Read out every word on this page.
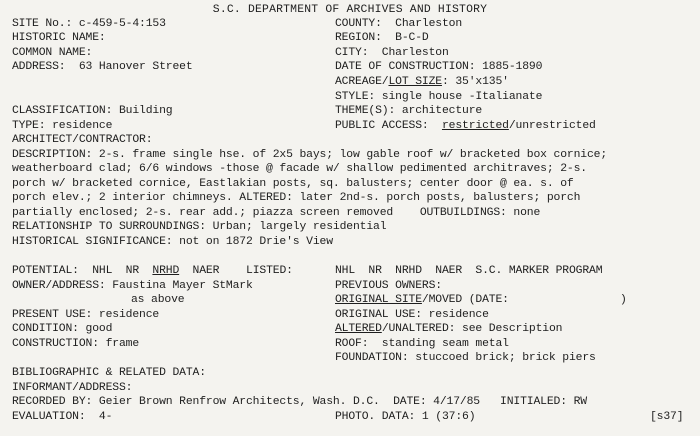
S.C. DEPARTMENT OF ARCHIVES AND HISTORY
SITE No.: c-459-5-4:153
HISTORIC NAME:
COMMON NAME:
ADDRESS:  63 Hanover Street
CLASSIFICATION: Building
TYPE: residence
ARCHITECT/CONTRACTOR:
COUNTY:  Charleston
REGION:  B-C-D
CITY:  Charleston
DATE OF CONSTRUCTION: 1885-1890
ACREAGE/LOT SIZE: 35'x135'
STYLE: single house -Italianate
THEME(S): architecture
PUBLIC ACCESS:  restricted/unrestricted
DESCRIPTION: 2-s. frame single hse. of 2x5 bays; low gable roof w/ bracketed box cornice;
weatherboard clad; 6/6 windows -those @ facade w/ shallow pedimented architraves; 2-s.
porch w/ bracketed cornice, Eastlakian posts, sq. balusters; center door @ ea. s. of
porch elev.; 2 interior chimneys. ALTERED: later 2nd-s. porch posts, balusters; porch
partially enclosed; 2-s. rear add.; piazza screen removed    OUTBUILDINGS: none
RELATIONSHIP TO SURROUNDINGS: Urban; largely residential
HISTORICAL SIGNIFICANCE: not on 1872 Drie's View
POTENTIAL:  NHL  NR  NRHD  NAER    LISTED:	NHL  NR  NRHD  NAER  S.C. MARKER PROGRAM
OWNER/ADDRESS: Faustina Mayer StMark	PREVIOUS OWNERS:
as above	ORIGINAL SITE/MOVED (DATE:	)
PRESENT USE: residence	ORIGINAL USE: residence
CONDITION: good	ALTERED/UNALTERED: see Description
CONSTRUCTION: frame	ROOF:  standing seam metal
FOUNDATION: stuccoed brick; brick piers
BIBLIOGRAPHIC & RELATED DATA:
INFORMANT/ADDRESS:
RECORDED BY: Geier Brown Renfrow Architects, Wash. D.C.  DATE: 4/17/85   INITIALED: RW
EVALUATION:  4-	PHOTO. DATA: 1 (37:6)	[s37]
